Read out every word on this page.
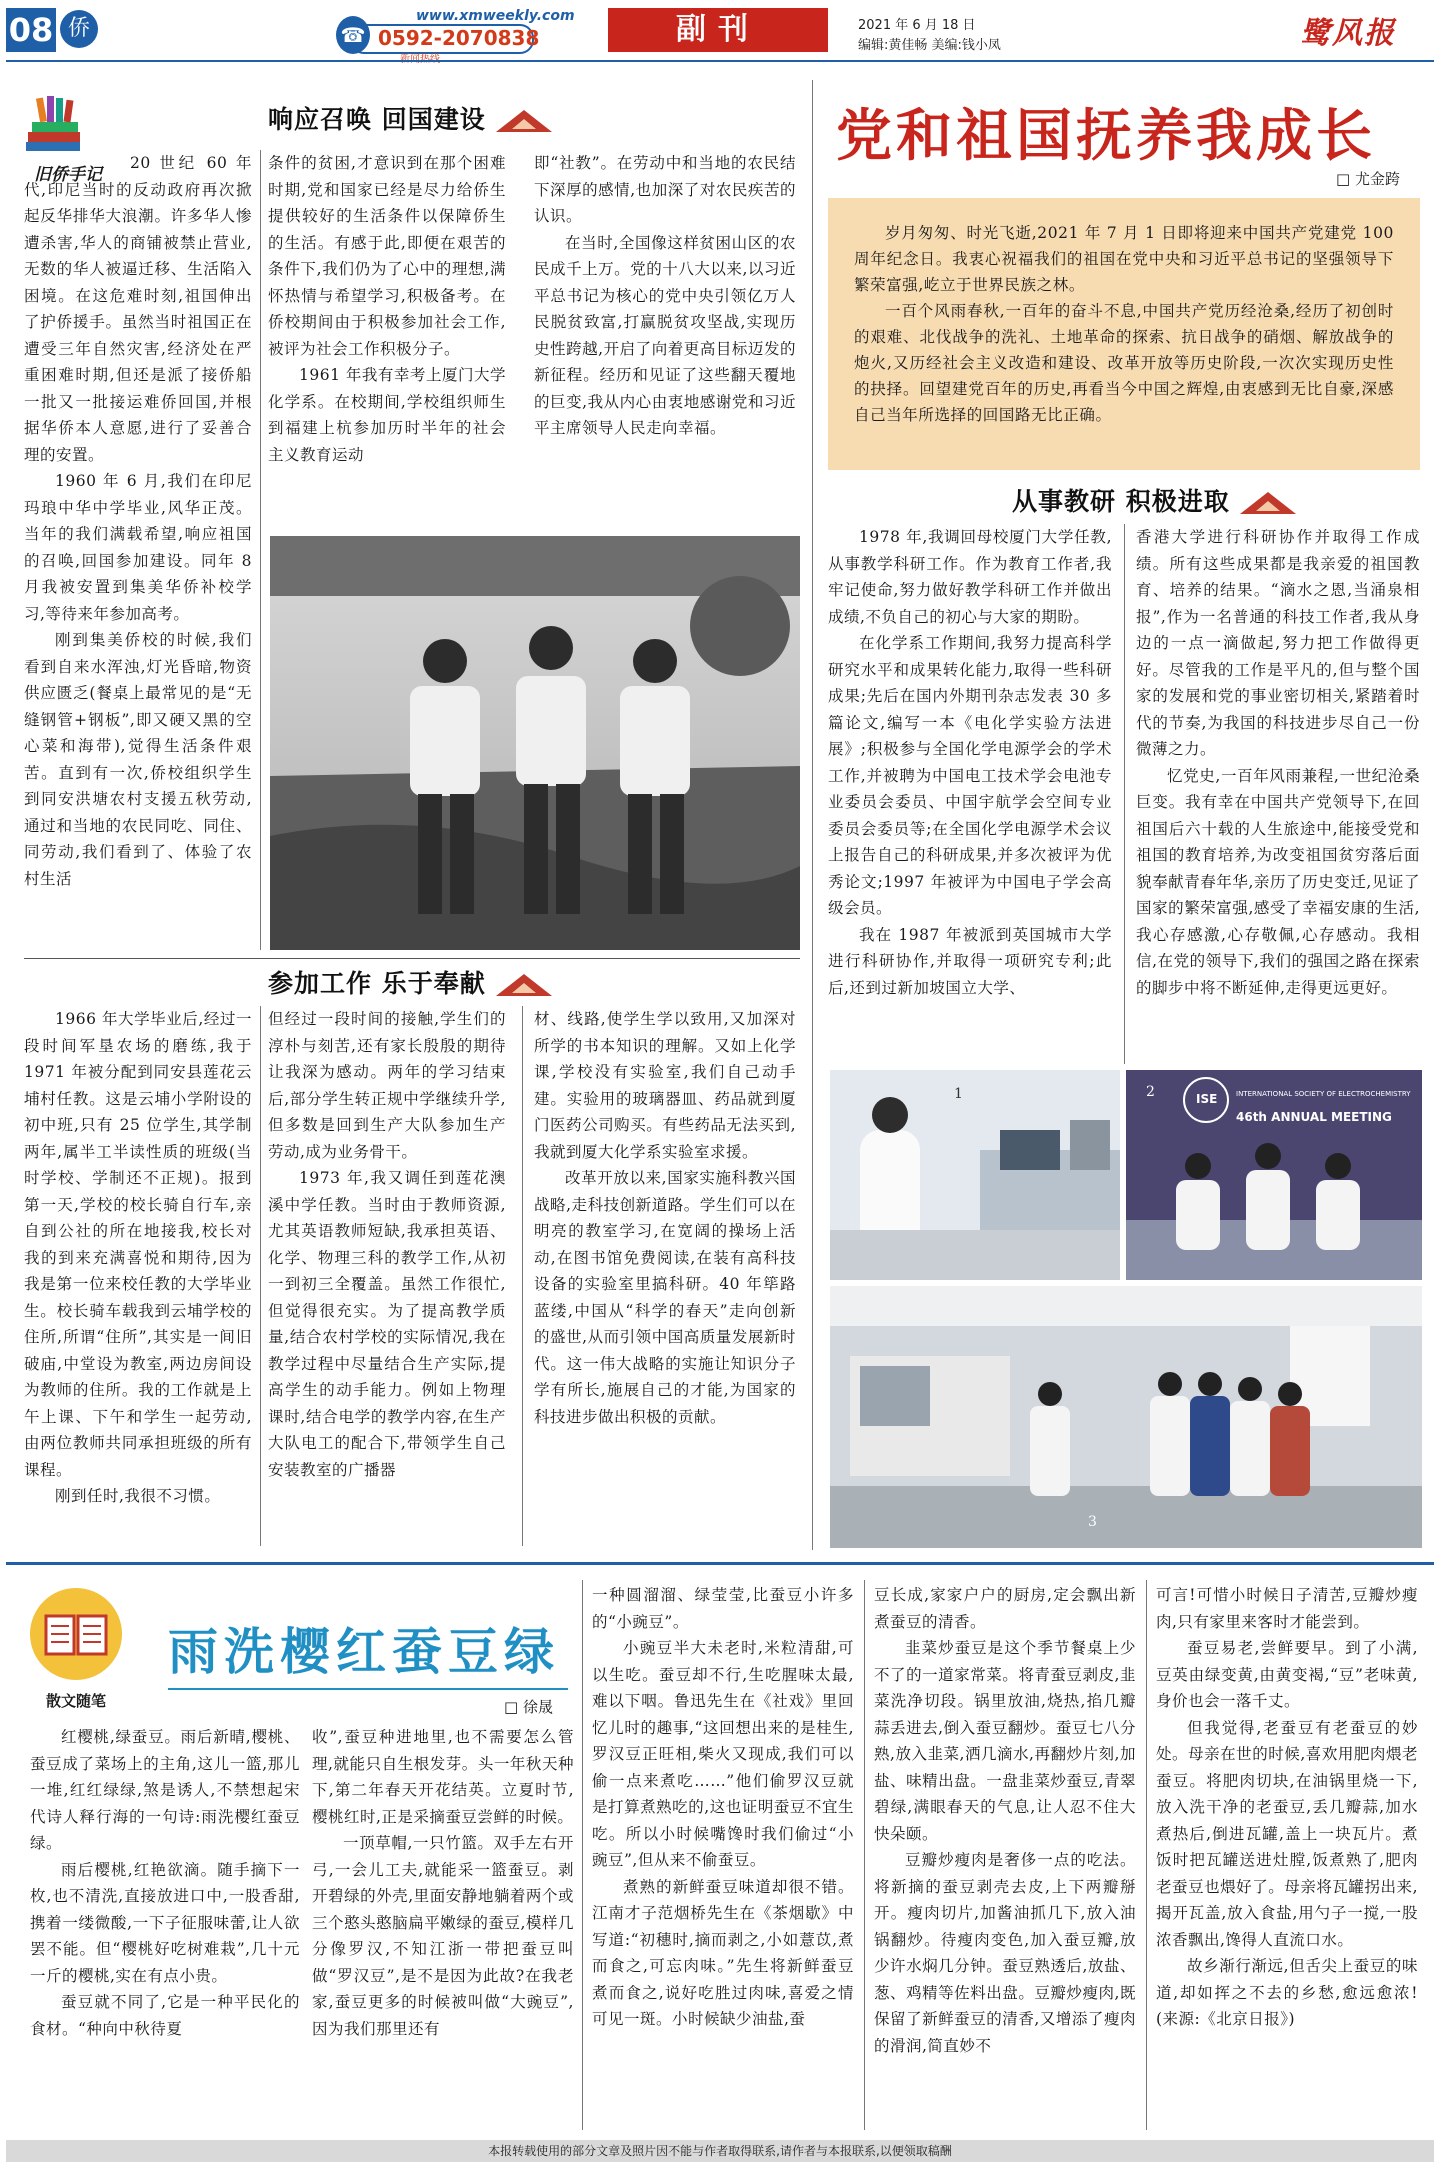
08 侨	www.xmweekly.com
☎ 0592-2070838
新闻热线
副刊	2021 年 6 月 18 日
编辑:黄佳畅 美编:钱小凤	鹭风报
旧侨手记
党和祖国抚养我成长
□ 尤金跨

岁月匆匆、时光飞逝,2021 年 7 月 1 日即将迎来中国共产党建党 100 周年纪念日。我衷心祝福我们的祖国在党中央和习近平总书记的坚强领导下繁荣富强,屹立于世界民族之林。

一百个风雨春秋,一百年的奋斗不息,中国共产党历经沧桑,经历了初创时的艰难、北伐战争的洗礼、土地革命的探索、抗日战争的硝烟、解放战争的炮火,又历经社会主义改造和建设、改革开放等历史阶段,一次次实现历史性的抉择。回望建党百年的历史,再看当今中国之辉煌,由衷感到无比自豪,深感自己当年所选择的回国路无比正确。

响应召唤 回国建设

20 世纪 60 年代,印尼当时的反动政府再次掀起反华排华大浪潮。许多华人惨遭杀害,华人的商铺被禁止营业,无数的华人被逼迁移、生活陷入困境。在这危难时刻,祖国伸出了护侨援手。虽然当时祖国正在遭受三年自然灾害,经济处在严重困难时期,但还是派了接侨船一批又一批接运难侨回国,并根据华侨本人意愿,进行了妥善合理的安置。

1960 年 6 月,我们在印尼玛琅中华中学毕业,风华正茂。当年的我们满载希望,响应祖国的召唤,回国参加建设。同年 8 月我被安置到集美华侨补校学习,等待来年参加高考。

刚到集美侨校的时候,我们看到自来水浑浊,灯光昏暗,物资供应匮乏(餐桌上最常见的是“无缝钢管+钢板”,即又硬又黑的空心菜和海带),觉得生活条件艰苦。直到有一次,侨校组织学生到同安洪塘农村支援五秋劳动,通过和当地的农民同吃、同住、同劳动,我们看到了、体验了农村生活

条件的贫困,才意识到在那个困难时期,党和国家已经是尽力给侨生提供较好的生活条件以保障侨生的生活。有感于此,即便在艰苦的条件下,我们仍为了心中的理想,满怀热情与希望学习,积极备考。在侨校期间由于积极参加社会工作,被评为社会工作积极分子。

1961 年我有幸考上厦门大学化学系。在校期间,学校组织师生到福建上杭参加历时半年的社会主义教育运动

即“社教”。在劳动中和当地的农民结下深厚的感情,也加深了对农民疾苦的认识。

在当时,全国像这样贫困山区的农民成千上万。党的十八大以来,以习近平总书记为核心的党中央引领亿万人民脱贫致富,打赢脱贫攻坚战,实现历史性跨越,开启了向着更高目标迈发的新征程。经历和见证了这些翻天覆地的巨变,我从内心由衷地感谢党和习近平主席领导人民走向幸福。

参加工作 乐于奉献

1966 年大学毕业后,经过一段时间军垦农场的磨练,我于 1971 年被分配到同安县莲花云埔村任教。这是云埔小学附设的初中班,只有 25 位学生,其学制两年,属半工半读性质的班级(当时学校、学制还不正规)。报到第一天,学校的校长骑自行车,亲自到公社的所在地接我,校长对我的到来充满喜悦和期待,因为我是第一位来校任教的大学毕业生。校长骑车载我到云埔学校的住所,所谓“住所”,其实是一间旧破庙,中堂设为教室,两边房间设为教师的住所。我的工作就是上午上课、下午和学生一起劳动,由两位教师共同承担班级的所有课程。

刚到任时,我很不习惯。

但经过一段时间的接触,学生们的淳朴与刻苦,还有家长殷殷的期待让我深为感动。两年的学习结束后,部分学生转正规中学继续升学,但多数是回到生产大队参加生产劳动,成为业务骨干。

1973 年,我又调任到莲花澳溪中学任教。当时由于教师资源,尤其英语教师短缺,我承担英语、化学、物理三科的教学工作,从初一到初三全覆盖。虽然工作很忙,但觉得很充实。为了提高教学质量,结合农村学校的实际情况,我在教学过程中尽量结合生产实际,提高学生的动手能力。例如上物理课时,结合电学的教学内容,在生产大队电工的配合下,带领学生自己安装教室的广播器

材、线路,使学生学以致用,又加深对所学的书本知识的理解。又如上化学课,学校没有实验室,我们自己动手建。实验用的玻璃器皿、药品就到厦门医药公司购买。有些药品无法买到,我就到厦大化学系实验室求援。

改革开放以来,国家实施科教兴国战略,走科技创新道路。学生们可以在明亮的教室学习,在宽阔的操场上活动,在图书馆免费阅读,在装有高科技设备的实验室里搞科研。40 年筚路蓝缕,中国从“科学的春天”走向创新的盛世,从而引领中国高质量发展新时代。这一伟大战略的实施让知识分子学有所长,施展自己的才能,为国家的科技进步做出积极的贡献。

从事教研 积极进取

1978 年,我调回母校厦门大学任教,从事教学科研工作。作为教育工作者,我牢记使命,努力做好教学科研工作并做出成绩,不负自己的初心与大家的期盼。

在化学系工作期间,我努力提高科学研究水平和成果转化能力,取得一些科研成果;先后在国内外期刊杂志发表 30 多篇论文,编写一本《电化学实验方法进展》;积极参与全国化学电源学会的学术工作,并被聘为中国电工技术学会电池专业委员会委员、中国宇航学会空间专业委员会委员等;在全国化学电源学术会议上报告自己的科研成果,并多次被评为优秀论文;1997 年被评为中国电子学会高级会员。

我在 1987 年被派到英国城市大学进行科研协作,并取得一项研究专利;此后,还到过新加坡国立大学、

香港大学进行科研协作并取得工作成绩。所有这些成果都是我亲爱的祖国教育、培养的结果。“滴水之恩,当涌泉相报”,作为一名普通的科技工作者,我从身边的一点一滴做起,努力把工作做得更好。尽管我的工作是平凡的,但与整个国家的发展和党的事业密切相关,紧踏着时代的节奏,为我国的科技进步尽自己一份微薄之力。

忆党史,一百年风雨兼程,一世纪沧桑巨变。我有幸在中国共产党领导下,在回祖国后六十载的人生旅途中,能接受党和祖国的教育培养,为改变祖国贫穷落后面貌奉献青春年华,亲历了历史变迁,见证了国家的繁荣富强,感受了幸福安康的生活,我心存感激,心存敬佩,心存感动。我相信,在党的领导下,我们的强国之路在探索的脚步中将不断延伸,走得更远更好。

1	ISE	INTERNATIONAL SOCIETY OF ELECTROCHEMISTRY
46th ANNUAL MEETING
2
3
散文随笔
雨洗樱红蚕豆绿
□ 徐晟

红樱桃,绿蚕豆。雨后新晴,樱桃、蚕豆成了菜场上的主角,这儿一篮,那儿一堆,红红绿绿,煞是诱人,不禁想起宋代诗人释行海的一句诗:雨洗樱红蚕豆绿。

雨后樱桃,红艳欲滴。随手摘下一枚,也不清洗,直接放进口中,一股香甜,携着一缕微酸,一下子征服味蕾,让人欲罢不能。但“樱桃好吃树难栽”,几十元一斤的樱桃,实在有点小贵。

蚕豆就不同了,它是一种平民化的食材。“种向中秋待夏

收”,蚕豆种进地里,也不需要怎么管理,就能只自生根发芽。头一年秋天种下,第二年春天开花结英。立夏时节,樱桃红时,正是采摘蚕豆尝鲜的时候。

一顶草帽,一只竹篮。双手左右开弓,一会儿工夫,就能采一篮蚕豆。剥开碧绿的外壳,里面安静地躺着两个或三个憨头憨脑扁平嫩绿的蚕豆,模样几分像罗汉,不知江浙一带把蚕豆叫做“罗汉豆”,是不是因为此故?在我老家,蚕豆更多的时候被叫做“大豌豆”,因为我们那里还有

一种圆溜溜、绿莹莹,比蚕豆小许多的“小豌豆”。

小豌豆半大未老时,米粒清甜,可以生吃。蚕豆却不行,生吃腥味太最,难以下咽。鲁迅先生在《社戏》里回忆儿时的趣事,“这回想出来的是桂生,罗汉豆正旺相,柴火又现成,我们可以偷一点来煮吃……”他们偷罗汉豆就是打算煮熟吃的,这也证明蚕豆不宜生吃。所以小时候嘴馋时我们偷过“小豌豆”,但从来不偷蚕豆。

煮熟的新鲜蚕豆味道却很不错。江南才子范烟桥先生在《茶烟歇》中写道:“初穗时,摘而剥之,小如薏苡,煮而食之,可忘肉味。”先生将新鲜蚕豆煮而食之,说好吃胜过肉味,喜爱之情可见一斑。小时候缺少油盐,蚕

豆长成,家家户户的厨房,定会飘出新煮蚕豆的清香。

韭菜炒蚕豆是这个季节餐桌上少不了的一道家常菜。将青蚕豆剥皮,韭菜洗净切段。锅里放油,烧热,掐几瓣蒜丢进去,倒入蚕豆翻炒。蚕豆七八分熟,放入韭菜,洒几滴水,再翻炒片刻,加盐、味精出盘。一盘韭菜炒蚕豆,青翠碧绿,满眼春天的气息,让人忍不住大快朵颐。

豆瓣炒瘦肉是奢侈一点的吃法。将新摘的蚕豆剥壳去皮,上下两瓣掰开。瘦肉切片,加酱油抓几下,放入油锅翻炒。待瘦肉变色,加入蚕豆瓣,放少许水焖几分钟。蚕豆熟透后,放盐、葱、鸡精等佐料出盘。豆瓣炒瘦肉,既保留了新鲜蚕豆的清香,又增添了瘦肉的滑润,简直妙不

可言!可惜小时候日子清苦,豆瓣炒瘦肉,只有家里来客时才能尝到。

蚕豆易老,尝鲜要早。到了小满,豆英由绿变黄,由黄变褐,“豆”老味黄,身价也会一落千丈。

但我觉得,老蚕豆有老蚕豆的妙处。母亲在世的时候,喜欢用肥肉煨老蚕豆。将肥肉切块,在油锅里烧一下,放入洗干净的老蚕豆,丢几瓣蒜,加水煮热后,倒进瓦罐,盖上一块瓦片。煮饭时把瓦罐送进灶膛,饭煮熟了,肥肉老蚕豆也煨好了。母亲将瓦罐拐出来,揭开瓦盖,放入食盐,用勺子一搅,一股浓香飘出,馋得人直流口水。

故乡渐行渐远,但舌尖上蚕豆的味道,却如挥之不去的乡愁,愈远愈浓!(来源:《北京日报》)

本报转载使用的部分文章及照片因不能与作者取得联系,请作者与本报联系,以便领取稿酬
